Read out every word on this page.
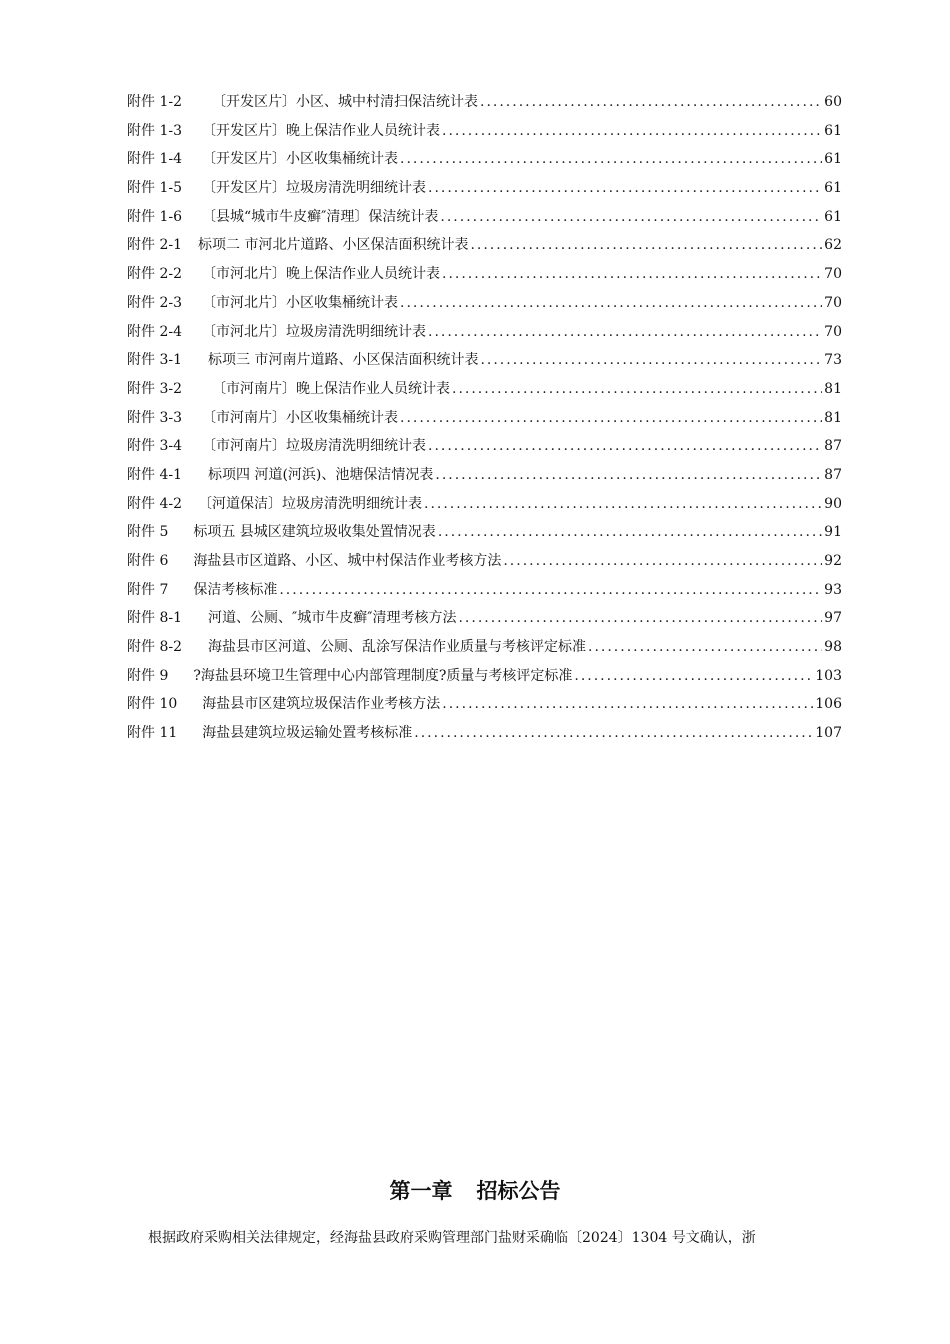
附件 1-2 〔开发区片〕小区、城中村清扫保洁统计表 .....	60
附件 1-3 〔开发区片〕晚上保洁作业人员统计表 .....	61
附件 1-4 〔开发区片〕小区收集桶统计表 .....	61
附件 1-5 〔开发区片〕垃圾房清洗明细统计表 .....	61
附件 1-6 〔县城“城市牛皮癣″清理〕保洁统计表 .....	61
附件 2-1 标项二 市河北片道路、小区保洁面积统计表 .....	62
附件 2-2 〔市河北片〕晚上保洁作业人员统计表 .....	70
附件 2-3 〔市河北片〕小区收集桶统计表 .....	70
附件 2-4 〔市河北片〕垃圾房清洗明细统计表 .....	70
附件 3-1 标项三 市河南片道路、小区保洁面积统计表 .....	73
附件 3-2 〔市河南片〕晚上保洁作业人员统计表 .....	81
附件 3-3 〔市河南片〕小区收集桶统计表 .....	81
附件 3-4 〔市河南片〕垃圾房清洗明细统计表 .....	87
附件 4-1 标项四 河道(河浜)、池塘保洁情况表 .....	87
附件 4-2 〔河道保洁〕垃圾房清洗明细统计表 .....	90
附件 5 标项五 县城区建筑垃圾收集处置情况表 .....	91
附件 6 海盐县市区道路、小区、城中村保洁作业考核方法 .....	92
附件 7 保洁考核标准 .....	93
附件 8-1 河道、公厕、″城市牛皮癣″清理考核方法 .....	97
附件 8-2 海盐县市区河道、公厕、乱涂写保洁作业质量与考核评定标准 .....	98
附件 9 ?海盐县环境卫生管理中心内部管理制度?质量与考核评定标准 .....	103
附件 10 海盐县市区建筑垃圾保洁作业考核方法 .....	106
附件 11 海盐县建筑垃圾运输处置考核标准 .....	107
第一章 招标公告
根据政府采购相关法律规定，经海盐县政府采购管理部门盐财采确临〔2024〕1304 号文确认，浙
